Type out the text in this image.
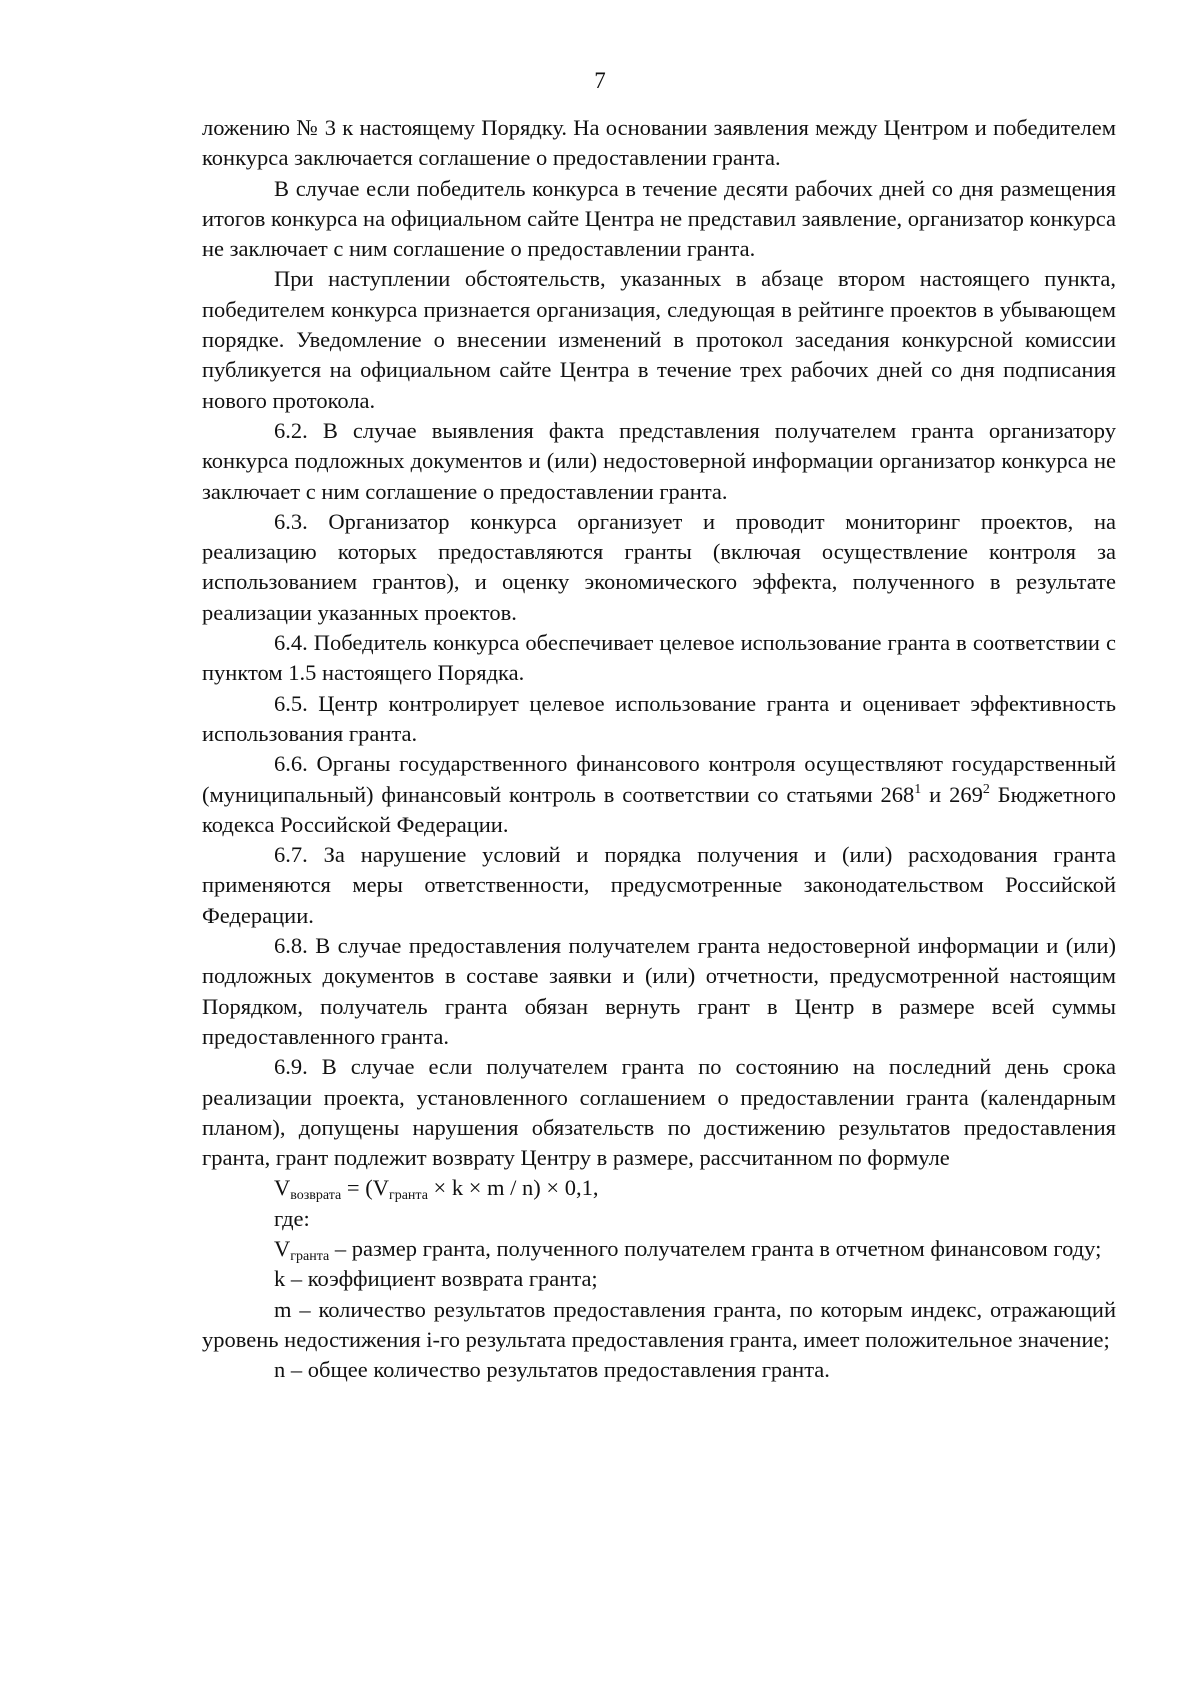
7

ложению № 3 к настоящему Порядку. На основании заявления между Центром и победителем конкурса заключается соглашение о предоставлении гранта.

В случае если победитель конкурса в течение десяти рабочих дней со дня размещения итогов конкурса на официальном сайте Центра не представил заявление, организатор конкурса не заключает с ним соглашение о предоставлении гранта.

При наступлении обстоятельств, указанных в абзаце втором настоящего пункта, победителем конкурса признается организация, следующая в рейтинге проектов в убывающем порядке. Уведомление о внесении изменений в протокол заседания конкурсной комиссии публикуется на официальном сайте Центра в течение трех рабочих дней со дня подписания нового протокола.

6.2. В случае выявления факта представления получателем гранта организатору конкурса подложных документов и (или) недостоверной информации организатор конкурса не заключает с ним соглашение о предоставлении гранта.

6.3. Организатор конкурса организует и проводит мониторинг проектов, на реализацию которых предоставляются гранты (включая осуществление контроля за использованием грантов), и оценку экономического эффекта, полученного в результате реализации указанных проектов.

6.4. Победитель конкурса обеспечивает целевое использование гранта в соответствии с пунктом 1.5 настоящего Порядка.

6.5. Центр контролирует целевое использование гранта и оценивает эффективность использования гранта.

6.6. Органы государственного финансового контроля осуществляют государственный (муниципальный) финансовый контроль в соответствии со статьями $268^1$ и $269^2$ Бюджетного кодекса Российской Федерации.

6.7. За нарушение условий и порядка получения и (или) расходования гранта применяются меры ответственности, предусмотренные законодательством Российской Федерации.

6.8. В случае предоставления получателем гранта недостоверной информации и (или) подложных документов в составе заявки и (или) отчетности, предусмотренной настоящим Порядком, получатель гранта обязан вернуть грант в Центр в размере всей суммы предоставленного гранта.

6.9. В случае если получателем гранта по состоянию на последний день срока реализации проекта, установленного соглашением о предоставлении гранта (календарным планом), допущены нарушения обязательств по достижению результатов предоставления гранта, грант подлежит возврату Центру в размере, рассчитанном по формуле

$V_{возврата} = (V_{гранта} \times k \times m / n) \times 0,1$,

где:

$V_{гранта}$ – размер гранта, полученного получателем гранта в отчетном финансовом году;

k – коэффициент возврата гранта;

m – количество результатов предоставления гранта, по которым индекс, отражающий уровень недостижения i-го результата предоставления гранта, имеет положительное значение;

n – общее количество результатов предоставления гранта.
